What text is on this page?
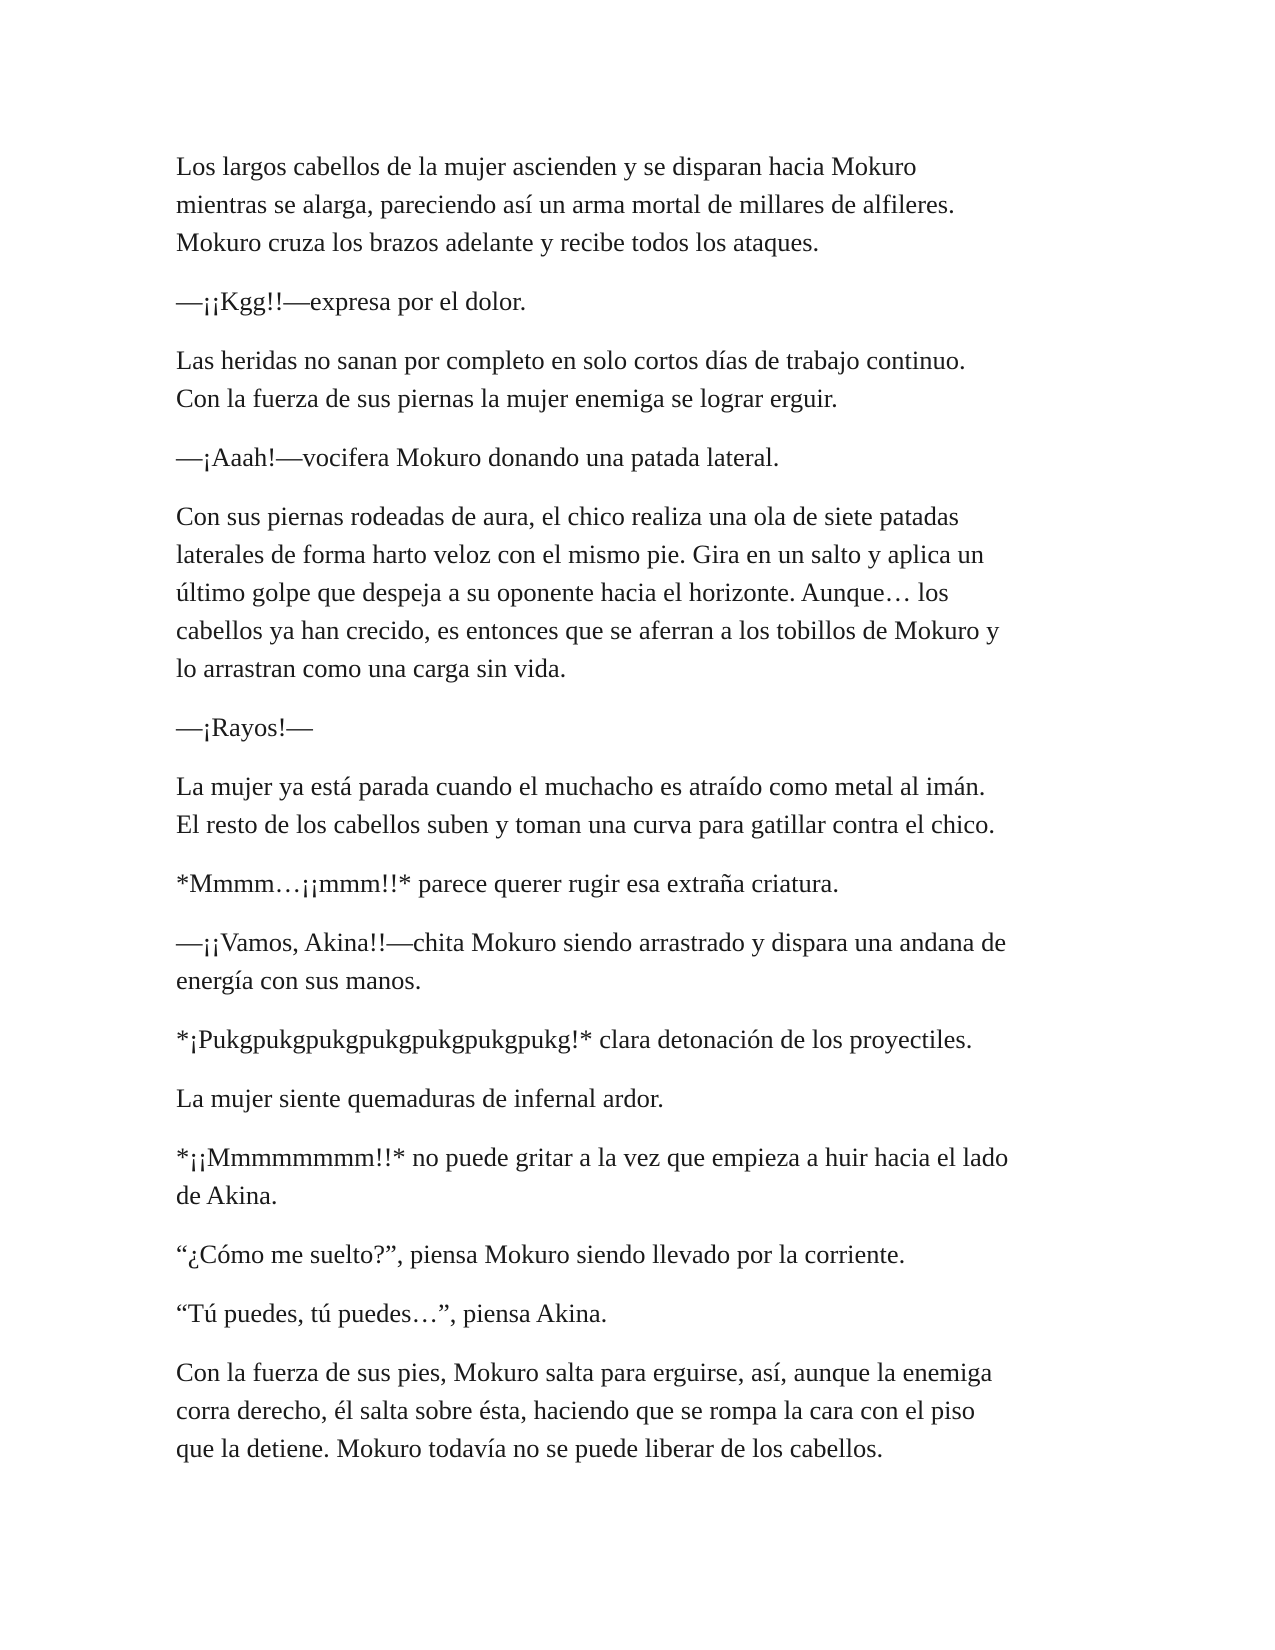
Los largos cabellos de la mujer ascienden y se disparan hacia Mokuro
mientras se alarga, pareciendo así un arma mortal de millares de alfileres.
Mokuro cruza los brazos adelante y recibe todos los ataques.

—¡¡Kgg!!—expresa por el dolor.

Las heridas no sanan por completo en solo cortos días de trabajo continuo.
Con la fuerza de sus piernas la mujer enemiga se lograr erguir.

—¡Aaah!—vocifera Mokuro donando una patada lateral.

Con sus piernas rodeadas de aura, el chico realiza una ola de siete patadas
laterales de forma harto veloz con el mismo pie. Gira en un salto y aplica un
último golpe que despeja a su oponente hacia el horizonte. Aunque… los
cabellos ya han crecido, es entonces que se aferran a los tobillos de Mokuro y
lo arrastran como una carga sin vida.

—¡Rayos!—

La mujer ya está parada cuando el muchacho es atraído como metal al imán.
El resto de los cabellos suben y toman una curva para gatillar contra el chico.

*Mmmm…¡¡mmm!!* parece querer rugir esa extraña criatura.

—¡¡Vamos, Akina!!—chita Mokuro siendo arrastrado y dispara una andana de
energía con sus manos.

*¡Pukgpukgpukgpukgpukgpukgpukg!* clara detonación de los proyectiles.

La mujer siente quemaduras de infernal ardor.

*¡¡Mmmmmmmm!!* no puede gritar a la vez que empieza a huir hacia el lado
de Akina.

“¿Cómo me suelto?”, piensa Mokuro siendo llevado por la corriente.

“Tú puedes, tú puedes…”, piensa Akina.

Con la fuerza de sus pies, Mokuro salta para erguirse, así, aunque la enemiga
corra derecho, él salta sobre ésta, haciendo que se rompa la cara con el piso
que la detiene. Mokuro todavía no se puede liberar de los cabellos.
